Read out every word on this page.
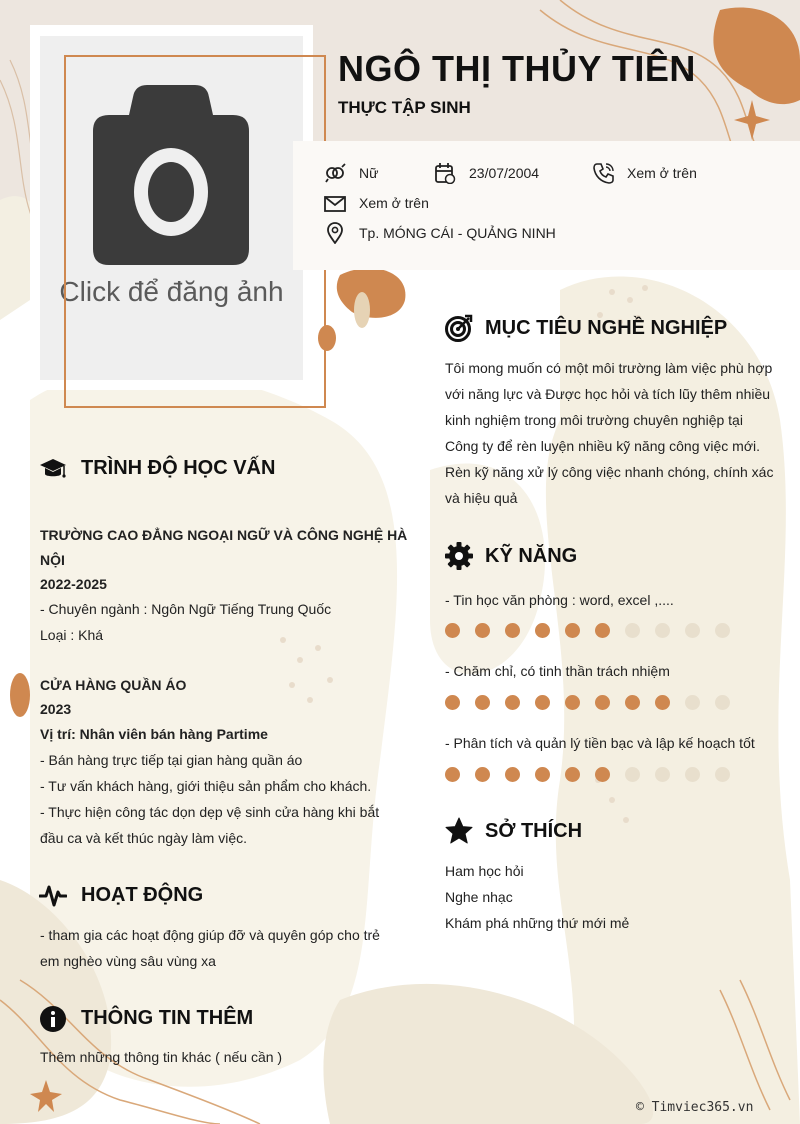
Click để đăng ảnh
NGÔ THỊ THỦY TIÊN
THỰC TẬP SINH
Nữ	23/07/2004	Xem ở trên
Xem ở trên
Tp. MÓNG CÁI - QUẢNG NINH
TRÌNH ĐỘ HỌC VẤN
TRƯỜNG CAO ĐẲNG NGOẠI NGỮ VÀ CÔNG NGHỆ HÀ
NỘI
2022-2025
- Chuyên ngành : Ngôn Ngữ Tiếng Trung Quốc
Loại : Khá
CỬA HÀNG QUẦN ÁO
2023
Vị trí: Nhân viên bán hàng Partime
- Bán hàng trực tiếp tại gian hàng quần áo
- Tư vấn khách hàng, giới thiệu sản phẩm cho khách.
- Thực hiện công tác dọn dẹp vệ sinh cửa hàng khi bắt
đầu ca và kết thúc ngày làm việc.
HOẠT ĐỘNG
- tham gia các hoạt động giúp đỡ và quyên góp cho trẻ
em nghèo vùng sâu vùng xa
THÔNG TIN THÊM
Thêm những thông tin khác ( nếu cần )
MỤC TIÊU NGHỀ NGHIỆP
Tôi mong muốn có một môi trường làm việc phù hợp
với năng lực và Được học hỏi và tích lũy thêm nhiều
kinh nghiệm trong môi trường chuyên nghiệp tại
Công ty để rèn luyện nhiều kỹ năng công việc mới.
Rèn kỹ năng xử lý công việc nhanh chóng, chính xác
và hiệu quả
KỸ NĂNG
- Tin học văn phòng : word, excel ,....
- Chăm chỉ, có tinh thần trách nhiệm
- Phân tích và quản lý tiền bạc và lập kế hoạch tốt
SỞ THÍCH
Ham học hỏi
Nghe nhạc
Khám phá những thứ mới mẻ
© Timviec365.vn
